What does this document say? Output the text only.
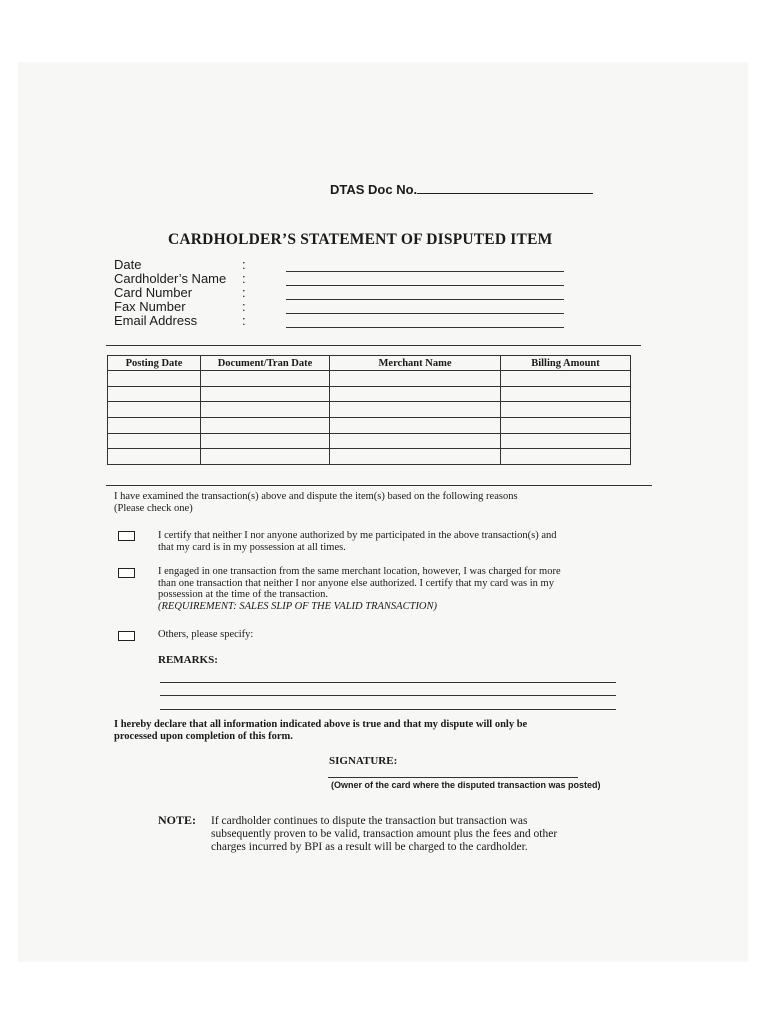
DTAS Doc No.
CARDHOLDER’S STATEMENT OF DISPUTED ITEM
Date	:
Cardholder’s Name :
Card Number	:
Fax Number	:
Email Address	:
Posting Date	Document/Tran Date	Merchant Name	Billing Amount

I have examined the transaction(s) above and dispute the item(s) based on the following reasons
(Please check one)
I certify that neither I nor anyone authorized by me participated in the above transaction(s) and
that my card is in my possession at all times.
I engaged in one transaction from the same merchant location, however, I was charged for more
than one transaction that neither I nor anyone else authorized. I certify that my card was in my
possession at the time of the transaction.
(REQUIREMENT: SALES SLIP OF THE VALID TRANSACTION)
Others, please specify:
REMARKS:
I hereby declare that all information indicated above is true and that my dispute will only be
processed upon completion of this form.
SIGNATURE:
(Owner of the card where the disputed transaction was posted)
NOTE: If cardholder continues to dispute the transaction but transaction was
subsequently proven to be valid, transaction amount plus the fees and other
charges incurred by BPI as a result will be charged to the cardholder.
